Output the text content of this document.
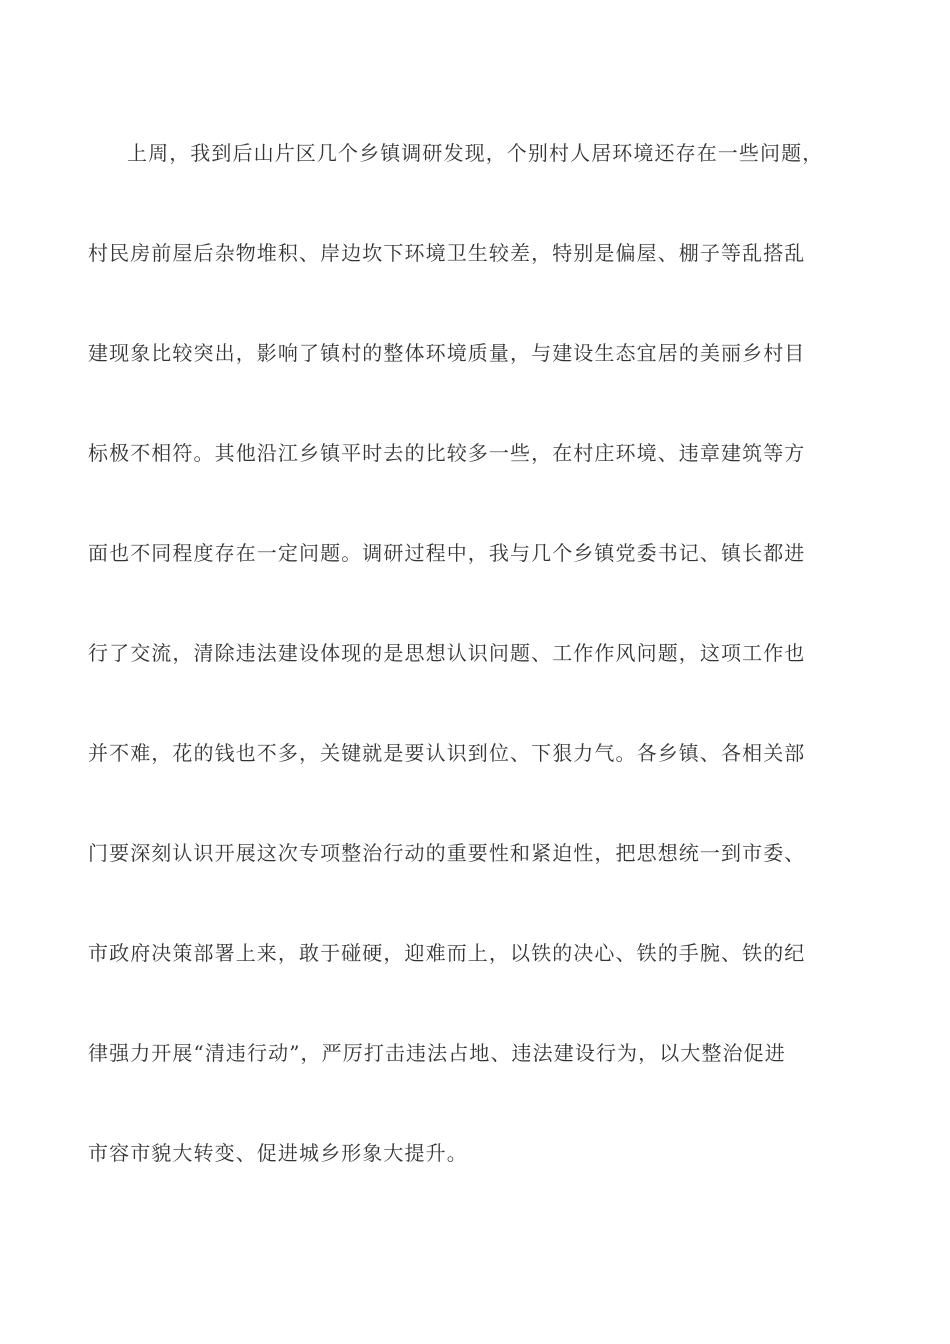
上周，我到后山片区几个乡镇调研发现，个别村人居环境还存在一些问题，
村民房前屋后杂物堆积、岸边坎下环境卫生较差，特别是偏屋、棚子等乱搭乱
建现象比较突出，影响了镇村的整体环境质量，与建设生态宜居的美丽乡村目
标极不相符。其他沿江乡镇平时去的比较多一些，在村庄环境、违章建筑等方
面也不同程度存在一定问题。调研过程中，我与几个乡镇党委书记、镇长都进
行了交流，清除违法建设体现的是思想认识问题、工作作风问题，这项工作也
并不难，花的钱也不多，关键就是要认识到位、下狠力气。各乡镇、各相关部
门要深刻认识开展这次专项整治行动的重要性和紧迫性，把思想统一到市委、
市政府决策部署上来，敢于碰硬，迎难而上，以铁的决心、铁的手腕、铁的纪
律强力开展“清违行动”，严厉打击违法占地、违法建设行为，以大整治促进
市容市貌大转变、促进城乡形象大提升。
